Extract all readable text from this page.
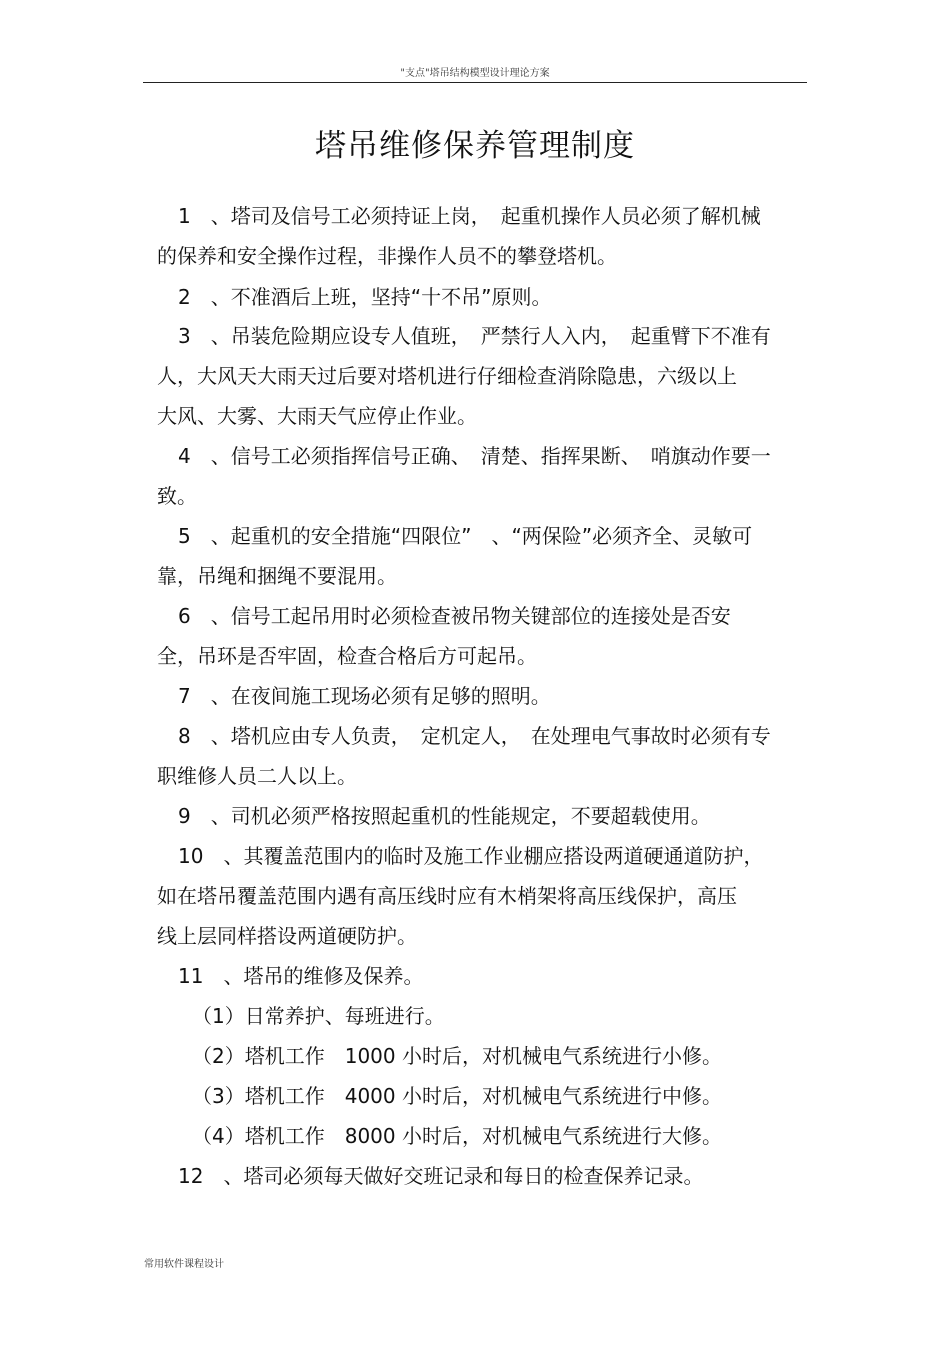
"支点"塔吊结构模型设计理论方案
塔吊维修保养管理制度
1　、塔司及信号工必须持证上岗，　起重机操作人员必须了解机械
的保养和安全操作过程，非操作人员不的攀登塔机。
2　、不准酒后上班，坚持“十不吊”原则。
3　、吊装危险期应设专人值班，　严禁行人入内，　起重臂下不准有
人，大风天大雨天过后要对塔机进行仔细检查消除隐患，六级以上
大风、大雾、大雨天气应停止作业。
4　、信号工必须指挥信号正确、　清楚、指挥果断、　哨旗动作要一
致。
5　、起重机的安全措施“四限位”　、“两保险”必须齐全、灵敏可
靠，吊绳和捆绳不要混用。
6　、信号工起吊用时必须检查被吊物关键部位的连接处是否安
全，吊环是否牢固，检查合格后方可起吊。
7　、在夜间施工现场必须有足够的照明。
8　、塔机应由专人负责，　定机定人，　在处理电气事故时必须有专
职维修人员二人以上。
9　、司机必须严格按照起重机的性能规定，不要超载使用。
10　、其覆盖范围内的临时及施工作业棚应搭设两道硬通道防护，
如在塔吊覆盖范围内遇有高压线时应有木梢架将高压线保护，高压
线上层同样搭设两道硬防护。
11　、塔吊的维修及保养。
（1）日常养护、每班进行。
（2）塔机工作　1000 小时后，对机械电气系统进行小修。
（3）塔机工作　4000 小时后，对机械电气系统进行中修。
（4）塔机工作　8000 小时后，对机械电气系统进行大修。
12　、塔司必须每天做好交班记录和每日的检查保养记录。
常用软件课程设计
